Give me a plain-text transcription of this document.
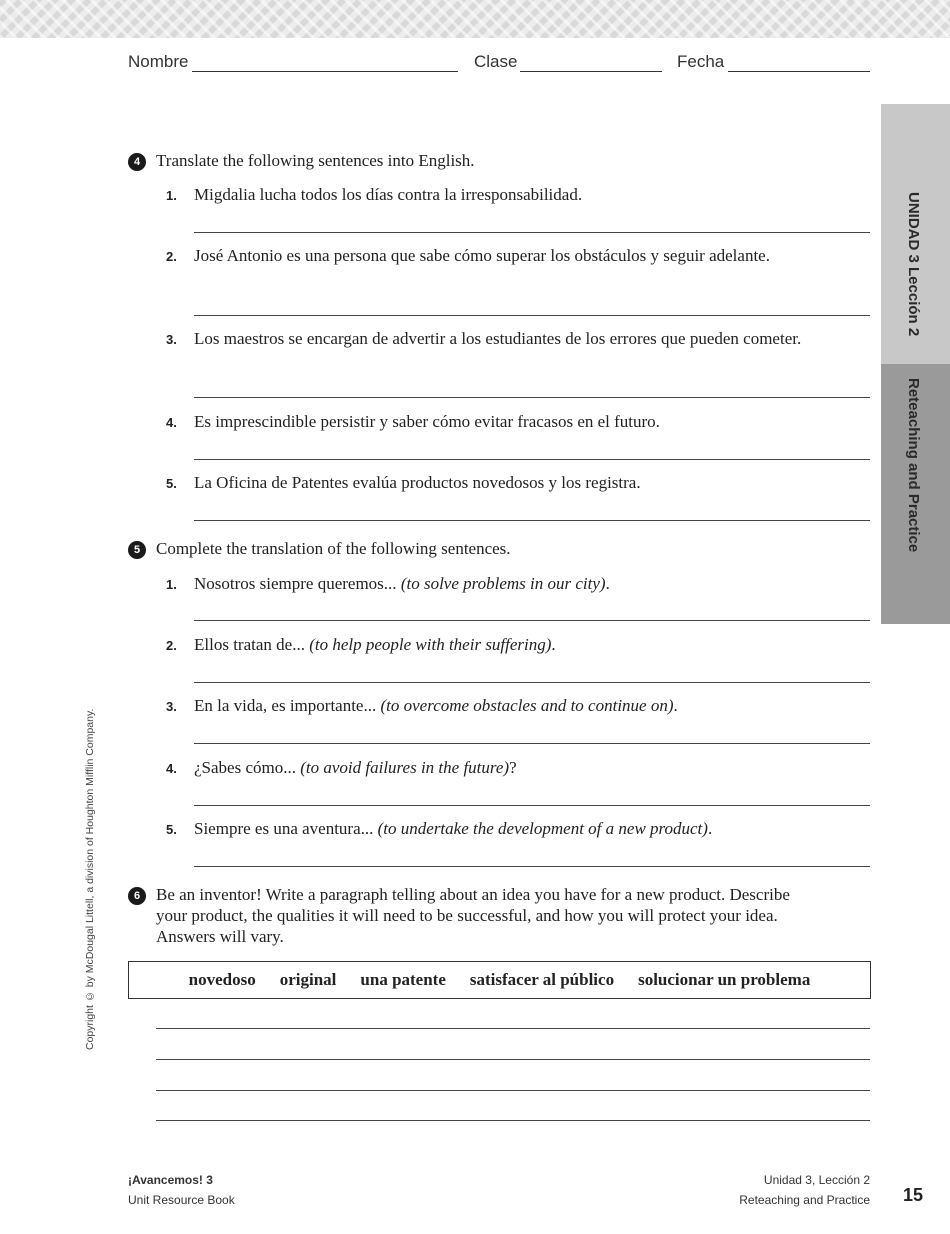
Nombre	Clase	Fecha
UNIDAD 3 Lección 2
Reteaching and Practice
Copyright © by McDougal Littell, a division of Houghton Mifflin Company.
4 Translate the following sentences into English.
1. Migdalia lucha todos los días contra la irresponsabilidad.
2. José Antonio es una persona que sabe cómo superar los obstáculos y seguir adelante.
3. Los maestros se encargan de advertir a los estudiantes de los errores que pueden cometer.
4. Es imprescindible persistir y saber cómo evitar fracasos en el futuro.
5. La Oficina de Patentes evalúa productos novedosos y los registra.
5 Complete the translation of the following sentences.
1. Nosotros siempre queremos... (to solve problems in our city).
2. Ellos tratan de... (to help people with their suffering).
3. En la vida, es importante... (to overcome obstacles and to continue on).
4. ¿Sabes cómo... (to avoid failures in the future)?
5. Siempre es una aventura... (to undertake the development of a new product).
6 Be an inventor! Write a paragraph telling about an idea you have for a new product. Describe your product, the qualities it will need to be successful, and how you will protect your idea. Answers will vary.
novedoso original una patente satisfacer al público solucionar un problema
¡Avancemos! 3
Unit Resource Book
Unidad 3, Lección 2
Reteaching and Practice 15
